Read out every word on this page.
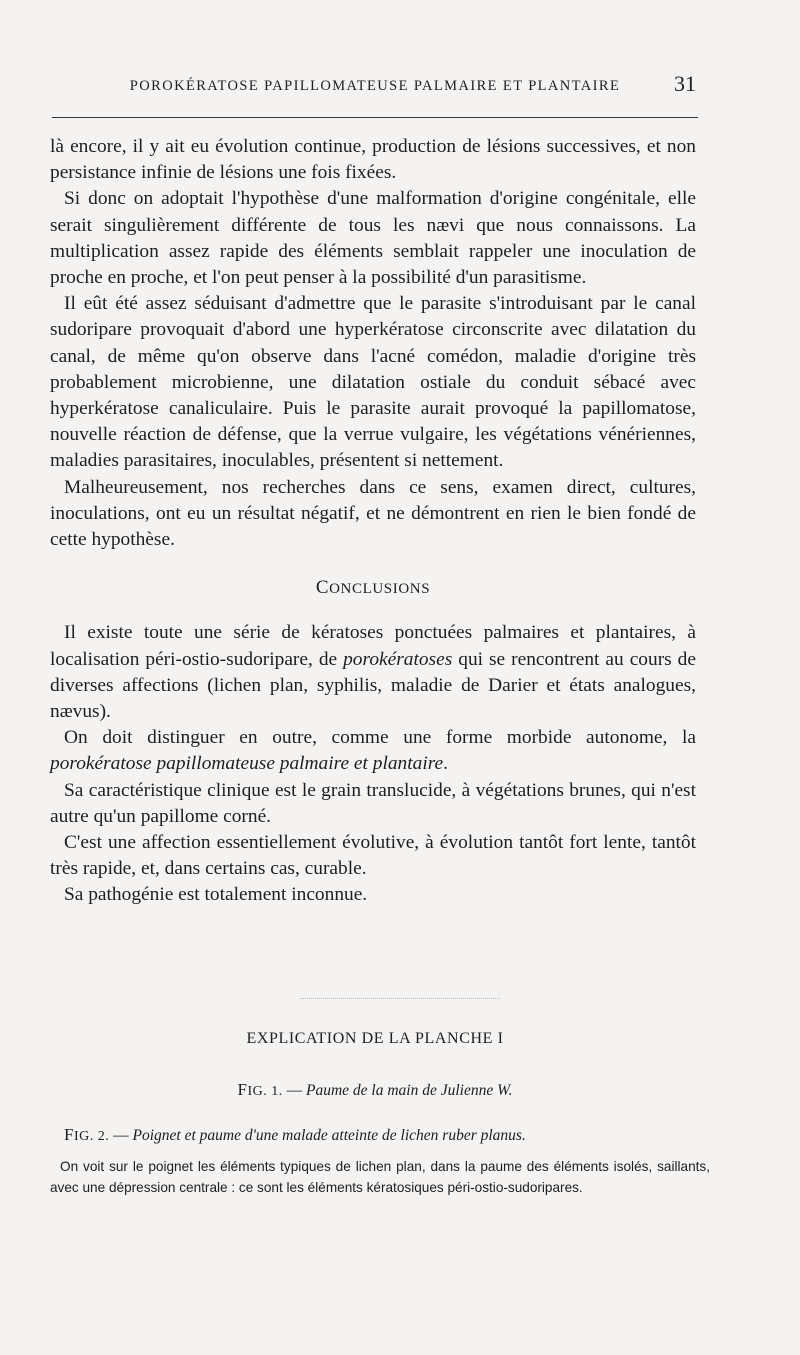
POROKÉRATOSE PAPILLOMATEUSE PALMAIRE ET PLANTAIRE	31

là encore, il y ait eu évolution continue, production de lésions successives, et non persistance infinie de lésions une fois fixées.

Si donc on adoptait l'hypothèse d'une malformation d'origine congénitale, elle serait singulièrement différente de tous les nævi que nous connaissons. La multiplication assez rapide des éléments semblait rappeler une inoculation de proche en proche, et l'on peut penser à la possibilité d'un parasitisme.

Il eût été assez séduisant d'admettre que le parasite s'introduisant par le canal sudoripare provoquait d'abord une hyperkératose circonscrite avec dilatation du canal, de même qu'on observe dans l'acné comédon, maladie d'origine très probablement microbienne, une dilatation ostiale du conduit sébacé avec hyperkératose canaliculaire. Puis le parasite aurait provoqué la papillomatose, nouvelle réaction de défense, que la verrue vulgaire, les végétations vénériennes, maladies parasitaires, inoculables, présentent si nettement.

Malheureusement, nos recherches dans ce sens, examen direct, cultures, inoculations, ont eu un résultat négatif, et ne démontrent en rien le bien fondé de cette hypothèse.

CONCLUSIONS

Il existe toute une série de kératoses ponctuées palmaires et plantaires, à localisation péri-ostio-sudoripare, de porokératoses qui se rencontrent au cours de diverses affections (lichen plan, syphilis, maladie de Darier et états analogues, nævus).

On doit distinguer en outre, comme une forme morbide autonome, la porokératose papillomateuse palmaire et plantaire.

Sa caractéristique clinique est le grain translucide, à végétations brunes, qui n'est autre qu'un papillome corné.

C'est une affection essentiellement évolutive, à évolution tantôt fort lente, tantôt très rapide, et, dans certains cas, curable.

Sa pathogénie est totalement inconnue.

EXPLICATION DE LA PLANCHE I
FIG. 1. — Paume de la main de Julienne W.
FIG. 2. — Poignet et paume d'une malade atteinte de lichen ruber planus.
On voit sur le poignet les éléments typiques de lichen plan, dans la paume des éléments isolés, saillants, avec une dépression centrale : ce sont les éléments kératosiques péri-ostio-sudoripares.
